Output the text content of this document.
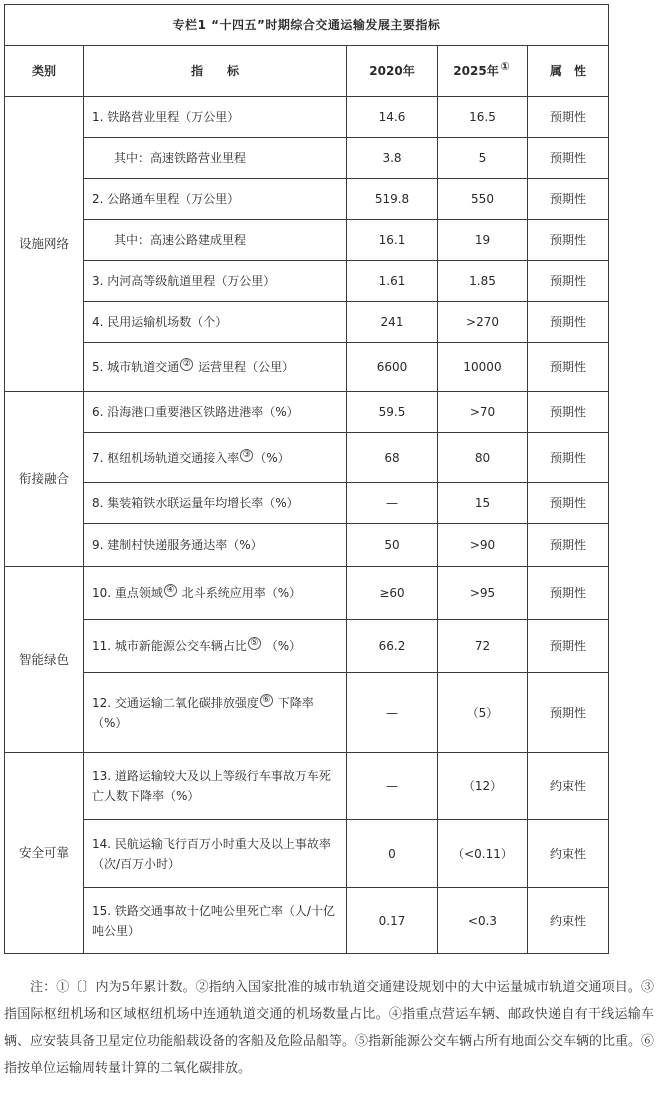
专栏1 “十四五”时期综合交通运输发展主要指标				
类别	指　　标	2020年	2025年 ①	属　性
设施网络	1. 铁路营业里程（万公里）	14.6	16.5	预期性
	其中：高速铁路营业里程	3.8	5	预期性
	2. 公路通车里程（万公里）	519.8	550	预期性
	其中：高速公路建成里程	16.1	19	预期性
	3. 内河高等级航道里程（万公里）	1.61	1.85	预期性
	4. 民用运输机场数（个）	241	>270	预期性
	5. 城市轨道交通 ② 运营里程（公里）	6600	10000	预期性
衔接融合	6. 沿海港口重要港区铁路进港率（%）	59.5	>70	预期性
	7. 枢纽机场轨道交通接入率 ③ （%）	68	80	预期性
	8. 集装箱铁水联运量年均增长率（%）	—	15	预期性
	9. 建制村快递服务通达率（%）	50	>90	预期性
智能绿色	10. 重点领域 ④ 北斗系统应用率（%）	≥60	>95	预期性
	11. 城市新能源公交车辆占比 ⑤ （%）	66.2	72	预期性
	12. 交通运输二氧化碳排放强度 ⑥ 下降率（%）	—	（5）	预期性
安全可靠	13. 道路运输较大及以上等级行车事故万车死亡人数下降率（%）	—	（12）	约束性
	14. 民航运输飞行百万小时重大及以上事故率（次/百万小时）	0	（<0.11）	约束性
	15. 铁路交通事故十亿吨公里死亡率（人/十亿吨公里）	0.17	<0.3	约束性
注：①〔〕内为5年累计数。②指纳入国家批准的城市轨道交通建设规划中的大中运量城市轨道交通项目。③指国际枢纽机场和区域枢纽机场中连通轨道交通的机场数量占比。④指重点营运车辆、邮政快递自有干线运输车辆、应安装具备卫星定位功能船载设备的客船及危险品船等。⑤指新能源公交车辆占所有地面公交车辆的比重。⑥指按单位运输周转量计算的二氧化碳排放。
